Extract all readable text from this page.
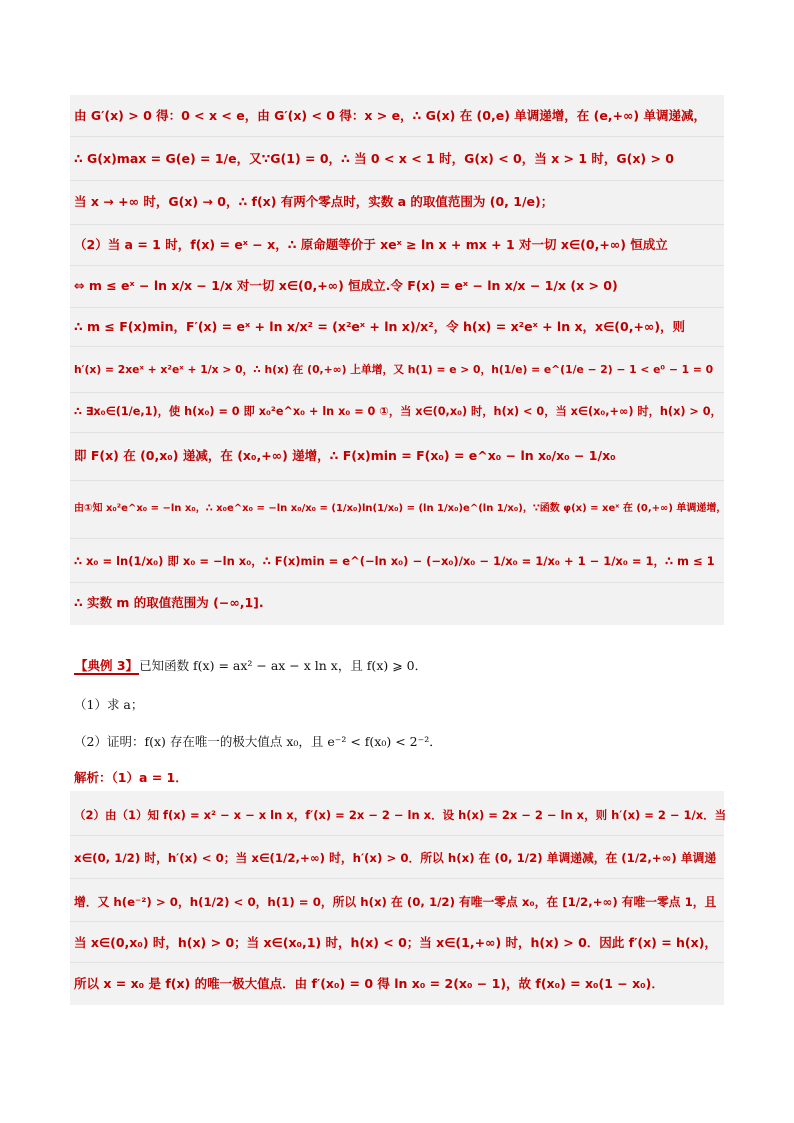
由 G′(x) > 0 得：0 < x < e，由 G′(x) < 0 得：x > e，∴ G(x) 在 (0,e) 单调递增，在 (e,+∞) 单调递减，
∴ G(x)max = G(e) = 1/e，又∵G(1) = 0，∴ 当 0 < x < 1 时，G(x) < 0，当 x > 1 时，G(x) > 0
当 x → +∞ 时，G(x) → 0，∴ f(x) 有两个零点时，实数 a 的取值范围为 (0, 1/e)；
（2）当 a = 1 时，f(x) = eˣ − x，∴ 原命题等价于 xeˣ ≥ ln x + mx + 1 对一切 x∈(0,+∞) 恒成立
⇔ m ≤ eˣ − ln x/x − 1/x 对一切 x∈(0,+∞) 恒成立.令 F(x) = eˣ − ln x/x − 1/x (x > 0)
∴ m ≤ F(x)min，F′(x) = eˣ + ln x/x² = (x²eˣ + ln x)/x²，令 h(x) = x²eˣ + ln x，x∈(0,+∞)，则
h′(x) = 2xeˣ + x²eˣ + 1/x > 0，∴ h(x) 在 (0,+∞) 上单增，又 h(1) = e > 0，h(1/e) = e^(1/e − 2) − 1 < e⁰ − 1 = 0
∴ ∃x₀∈(1/e,1)，使 h(x₀) = 0 即 x₀²e^x₀ + ln x₀ = 0 ①，当 x∈(0,x₀) 时，h(x) < 0，当 x∈(x₀,+∞) 时，h(x) > 0，
即 F(x) 在 (0,x₀) 递减，在 (x₀,+∞) 递增，∴ F(x)min = F(x₀) = e^x₀ − ln x₀/x₀ − 1/x₀
由①知 x₀²e^x₀ = −ln x₀，∴ x₀e^x₀ = −ln x₀/x₀ = (1/x₀)ln(1/x₀) = (ln 1/x₀)e^(ln 1/x₀)，∵函数 φ(x) = xeˣ 在 (0,+∞) 单调递增，
∴ x₀ = ln(1/x₀) 即 x₀ = −ln x₀，∴ F(x)min = e^(−ln x₀) − (−x₀)/x₀ − 1/x₀ = 1/x₀ + 1 − 1/x₀ = 1，∴ m ≤ 1
∴ 实数 m 的取值范围为 (−∞,1].
【典例 3】已知函数 f(x) = ax² − ax − x ln x，且 f(x) ⩾ 0．
（1）求 a；
（2）证明：f(x) 存在唯一的极大值点 x₀，且 e⁻² < f(x₀) < 2⁻²．
解析：（1）a = 1．
（2）由（1）知 f(x) = x² − x − x ln x，f′(x) = 2x − 2 − ln x．设 h(x) = 2x − 2 − ln x，则 h′(x) = 2 − 1/x．当
x∈(0, 1/2) 时，h′(x) < 0；当 x∈(1/2,+∞) 时，h′(x) > 0．所以 h(x) 在 (0, 1/2) 单调递减，在 (1/2,+∞) 单调递
增．又 h(e⁻²) > 0，h(1/2) < 0，h(1) = 0，所以 h(x) 在 (0, 1/2) 有唯一零点 x₀，在 [1/2,+∞) 有唯一零点 1，且
当 x∈(0,x₀) 时，h(x) > 0；当 x∈(x₀,1) 时，h(x) < 0；当 x∈(1,+∞) 时，h(x) > 0．因此 f′(x) = h(x)，
所以 x = x₀ 是 f(x) 的唯一极大值点．由 f′(x₀) = 0 得 ln x₀ = 2(x₀ − 1)，故 f(x₀) = x₀(1 − x₀)．
